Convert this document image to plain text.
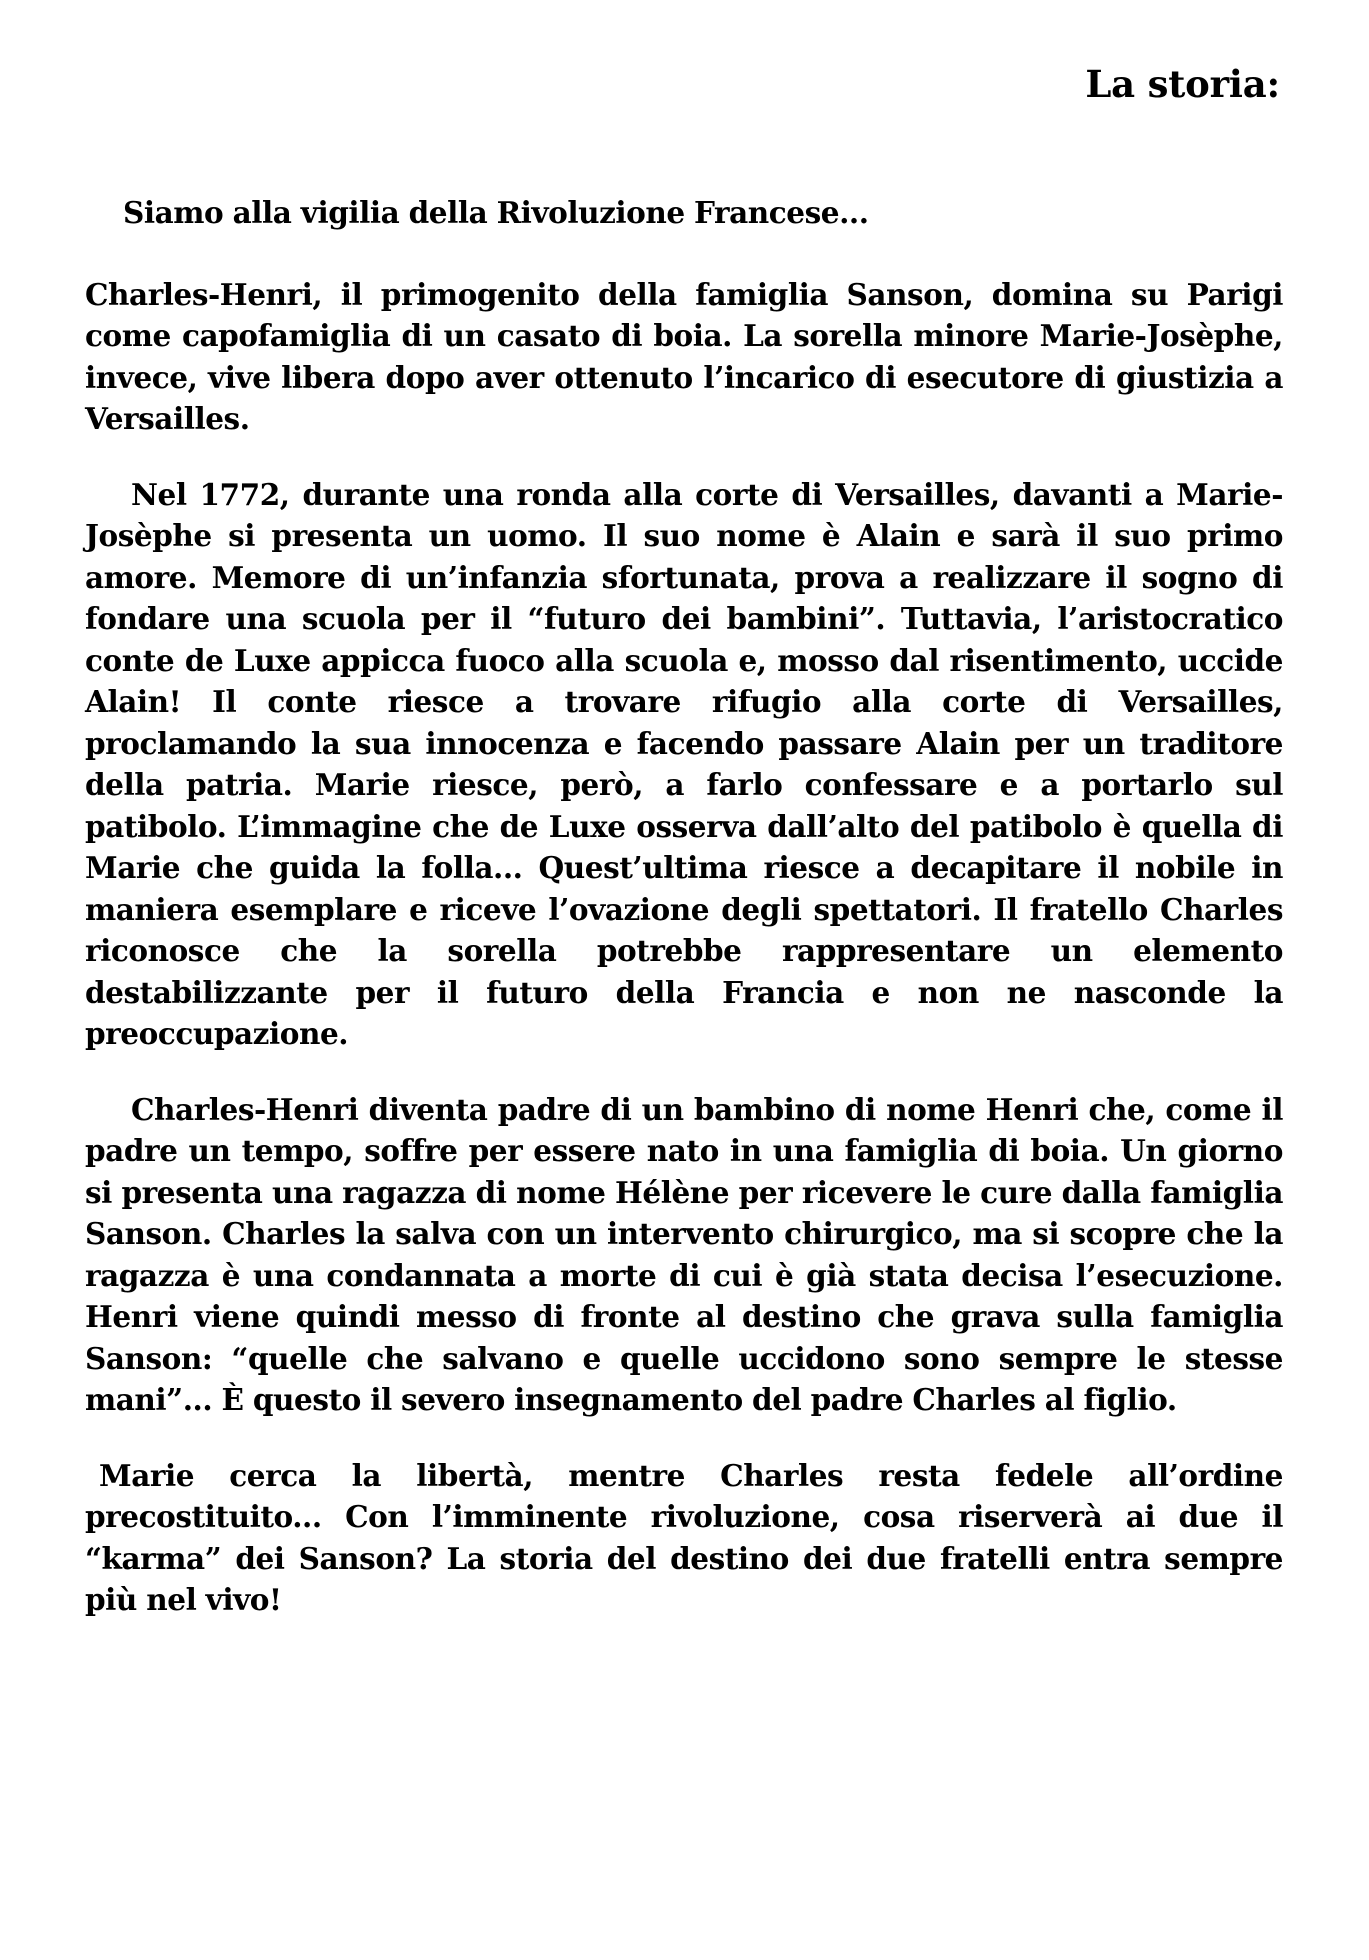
La storia:

Siamo alla vigilia della Rivoluzione Francese...

Charles-Henri, il primogenito della famiglia Sanson, domina su Parigi come capofamiglia di un casato di boia. La sorella minore Marie-Josèphe, invece, vive libera dopo aver ottenuto l’incarico di esecutore di giustizia a Versailles.

Nel 1772, durante una ronda alla corte di Versailles, davanti a Marie-Josèphe si presenta un uomo. Il suo nome è Alain e sarà il suo primo amore. Memore di un’infanzia sfortunata, prova a realizzare il sogno di fondare una scuola per il “futuro dei bambini”. Tuttavia, l’aristocratico conte de Luxe appicca fuoco alla scuola e, mosso dal risentimento, uccide Alain! Il conte riesce a trovare rifugio alla corte di Versailles, proclamando la sua innocenza e facendo passare Alain per un traditore della patria. Marie riesce, però, a farlo confessare e a portarlo sul patibolo. L’immagine che de Luxe osserva dall’alto del patibolo è quella di Marie che guida la folla... Quest’ultima riesce a decapitare il nobile in maniera esemplare e riceve l’ovazione degli spettatori. Il fratello Charles riconosce che la sorella potrebbe rappresentare un elemento destabilizzante per il futuro della Francia e non ne nasconde la preoccupazione.

Charles-Henri diventa padre di un bambino di nome Henri che, come il padre un tempo, soffre per essere nato in una famiglia di boia. Un giorno si presenta una ragazza di nome Hélène per ricevere le cure dalla famiglia Sanson. Charles la salva con un intervento chirurgico, ma si scopre che la ragazza è una condannata a morte di cui è già stata decisa l’esecuzione. Henri viene quindi messo di fronte al destino che grava sulla famiglia Sanson: “quelle che salvano e quelle uccidono sono sempre le stesse mani”... È questo il severo insegnamento del padre Charles al figlio.

Marie cerca la libertà, mentre Charles resta fedele all’ordine precostituito... Con l’imminente rivoluzione, cosa riserverà ai due il “karma” dei Sanson? La storia del destino dei due fratelli entra sempre più nel vivo!
